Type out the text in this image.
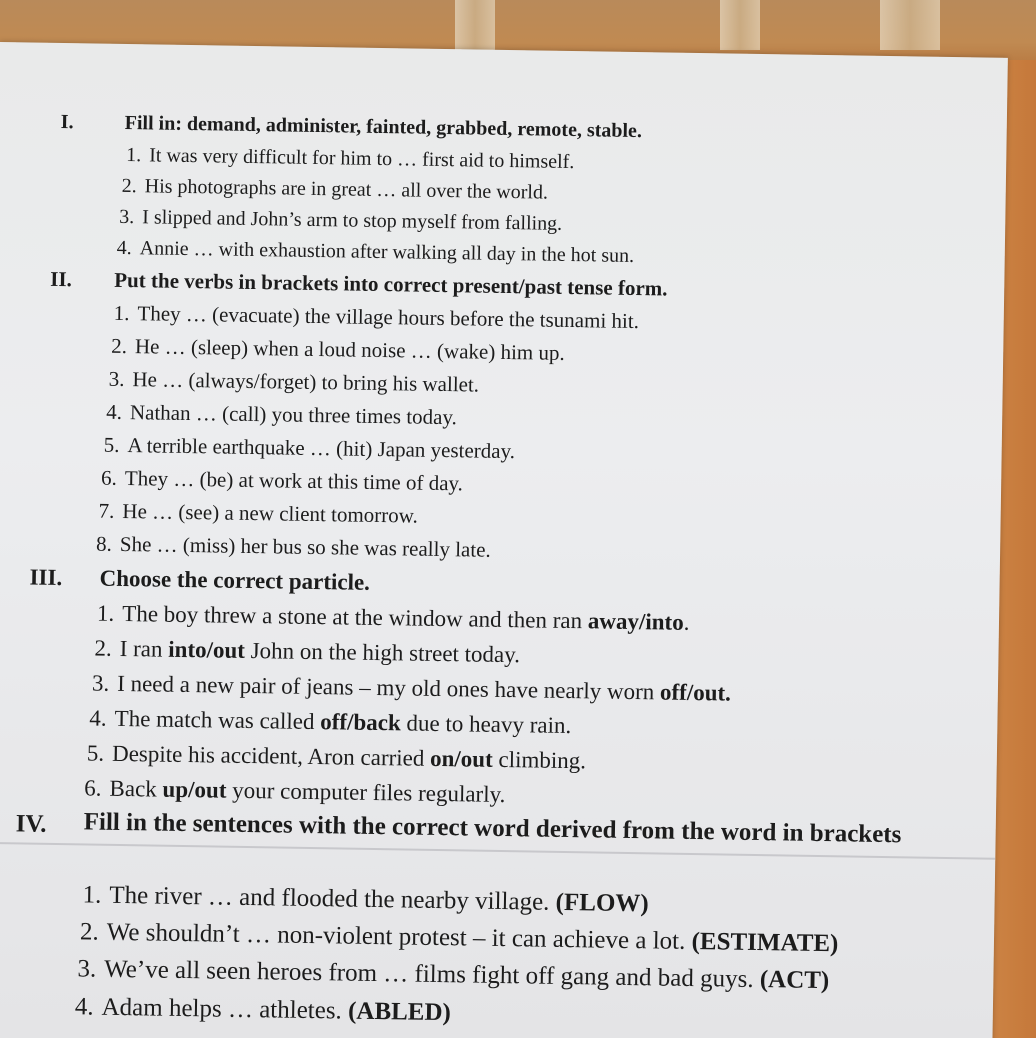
I.	Fill in: demand, administer, fainted, grabbed, remote, stable.
1. It was very difficult for him to … first aid to himself.
2. His photographs are in great … all over the world.
3. I slipped and John’s arm to stop myself from falling.
4. Annie … with exhaustion after walking all day in the hot sun.
II. Put the verbs in brackets into correct present/past tense form.
1. They … (evacuate) the village hours before the tsunami hit.
2. He … (sleep) when a loud noise … (wake) him up.
3. He … (always/forget) to bring his wallet.
4. Nathan … (call) you three times today.
5. A terrible earthquake … (hit) Japan yesterday.
6. They … (be) at work at this time of day.
7. He … (see) a new client tomorrow.
8. She … (miss) her bus so she was really late.
III. Choose the correct particle.
1. The boy threw a stone at the window and then ran away/into.
2. I ran into/out John on the high street today.
3. I need a new pair of jeans – my old ones have nearly worn off/out.
4. The match was called off/back due to heavy rain.
5. Despite his accident, Aron carried on/out climbing.
6. Back up/out your computer files regularly.
IV. Fill in the sentences with the correct word derived from the word in brackets
1. The river … and flooded the nearby village. (FLOW)
2. We shouldn’t … non-violent protest – it can achieve a lot. (ESTIMATE)
3. We’ve all seen heroes from … films fight off gang and bad guys. (ACT)
4. Adam helps … athletes. (ABLED)
